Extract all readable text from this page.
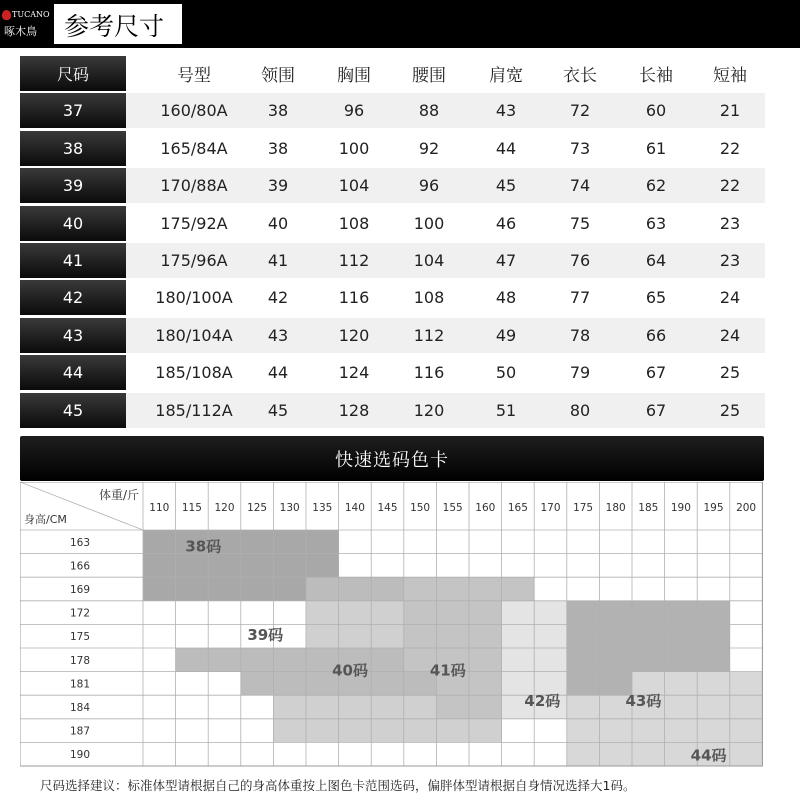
TUCANO
啄木鳥 参考尺寸
尺码	号型	领围	胸围	腰围	肩宽	衣长	长袖	短袖
37	160/80A	38	96	88	43	72	60	21
38	165/84A	38	100	92	44	73	61	22
39	170/88A	39	104	96	45	74	62	22
40	175/92A	40	108	100	46	75	63	23
41	175/96A	41	112	104	47	76	64	23
42	180/100A	42	116	108	48	77	65	24
43	180/104A	43	120	112	49	78	66	24
44	185/108A	44	124	116	50	79	67	25
45	185/112A	45	128	120	51	80	67	25
快速选码色卡
体重/斤
身高/CM
110 115 120 125 130 135 140 145 150 155 160 165 170 175 180 185 190 195 200
163
166
169
172
175
178
181
184
187
190
38码
39码
40码	41码
42码	43码
44码
尺码选择建议：标准体型请根据自己的身高体重按上图色卡范围选码，偏胖体型请根据自身情况选择大1码。
